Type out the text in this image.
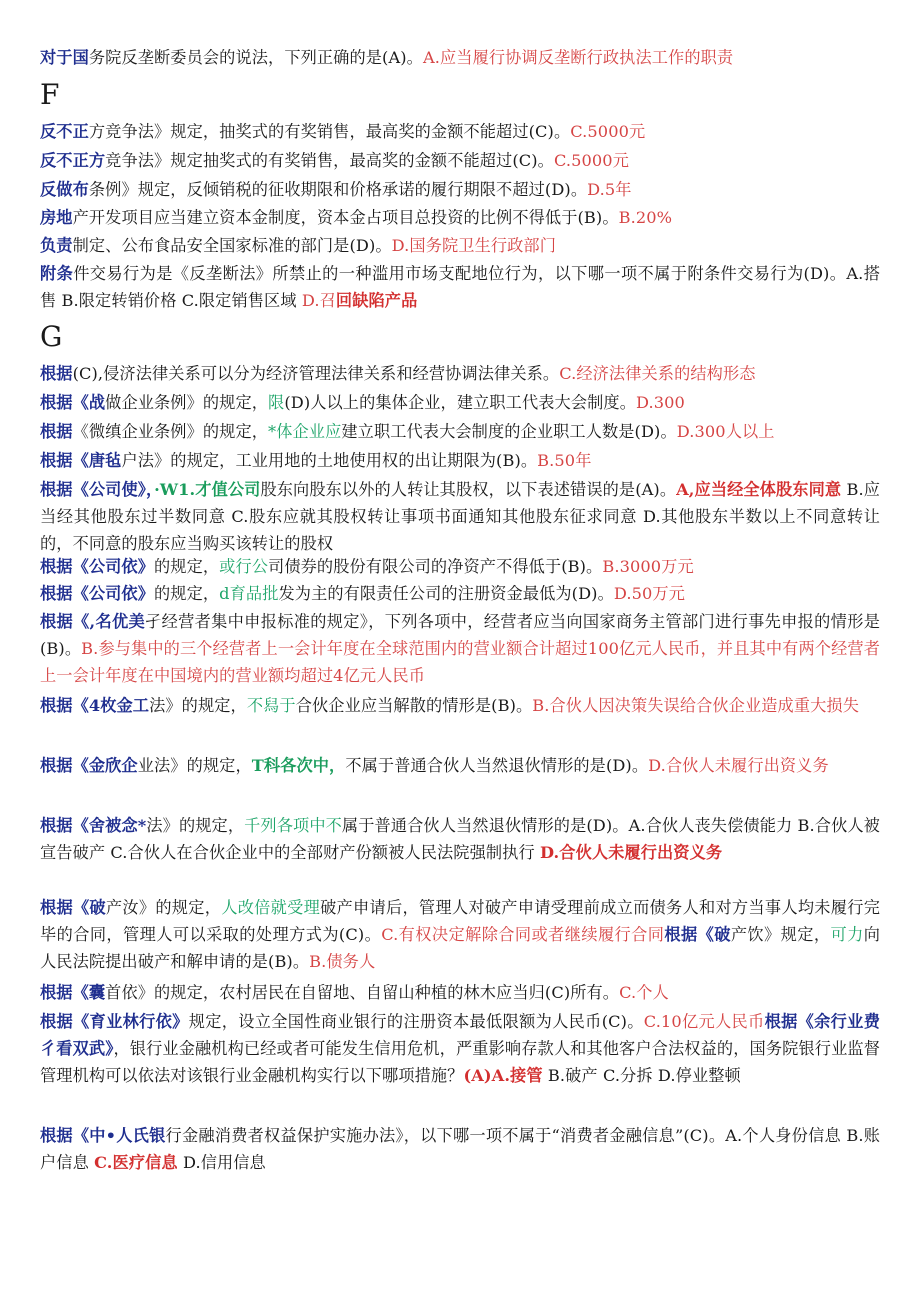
对于国务院反垄断委员会的说法，下列正确的是(A)。A.应当履行协调反垄断行政执法工作的职责

F

反不正方竞争法》规定，抽奖式的有奖销售，最高奖的金额不能超过(C)。C.5000元

反不正方竞争法》规定抽奖式的有奖销售，最高奖的金额不能超过(C)。C.5000元

反做布条例》规定，反倾销税的征收期限和价格承诺的履行期限不超过(D)。D.5年

房地产开发项目应当建立资本金制度，资本金占项目总投资的比例不得低于(B)。B.20%

负责制定、公布食品安全国家标准的部门是(D)。D.国务院卫生行政部门

附条件交易行为是《反垄断法》所禁止的一种滥用市场支配地位行为，以下哪一项不属于附条件交易行为(D)。A.搭售 B.限定转销价格 C.限定销售区域 D.召回缺陷产品

G

根据(C),侵济法律关系可以分为经济管理法律关系和经营协调法律关系。C.经济法律关系的结构形态

根据《战做企业条例》的规定，限(D)人以上的集体企业，建立职工代表大会制度。D.300

根据《微缜企业条例》的规定，*体企业应建立职工代表大会制度的企业职工人数是(D)。D.300人以上

根据《唐毡户法》的规定，工业用地的土地使用权的出让期限为(B)。B.50年

根据《公司使》，·W1.才值公司股东向股东以外的人转让其股权，以下表述错误的是(A)。A,应当经全体股东同意 B.应当经其他股东过半数同意 C.股东应就其股权转让事项书面通知其他股东征求同意 D.其他股东半数以上不同意转让的，不同意的股东应当购买该转让的股权

根据《公司依》的规定，或行公司债券的股份有限公司的净资产不得低于(B)。B.3000万元

根据《公司依》的规定，d育品批发为主的有限责任公司的注册资金最低为(D)。D.50万元

根据《,名优美孑经营者集中申报标准的规定》，下列各项中，经营者应当向国家商务主管部门进行事先申报的情形是(B)。B.参与集中的三个经营者上一会计年度在全球范围内的营业额合计超过100亿元人民币，并且其中有两个经营者上一会计年度在中国境内的营业额均超过4亿元人民币

根据《4枚金工法》的规定，不舄于合伙企业应当解散的情形是(B)。B.合伙人因决策失误给合伙企业造成重大损失

根据《金欣企业法》的规定，T科各次中，不属于普通合伙人当然退伙情形的是(D)。D.合伙人未履行出资义务

根据《舍被念*法》的规定，千列各项中不属于普通合伙人当然退伙情形的是(D)。A.合伙人丧失偿债能力 B.合伙人被宣告破产 C.合伙人在合伙企业中的全部财产份额被人民法院强制执行 D.合伙人未履行出资义务

根据《破产汝》的规定，人改倍就受理破产申请后，管理人对破产申请受理前成立而债务人和对方当事人均未履行完毕的合同，管理人可以采取的处理方式为(C)。C.有权决定解除合同或者继续履行合同根据《破产饮》规定，可力向人民法院提出破产和解申请的是(B)。B.债务人

根据《囊首依》的规定，农村居民在自留地、自留山种植的林木应当归(C)所有。C.个人

根据《育业林行依》规定，设立全国性商业银行的注册资本最低限额为人民币(C)。C.10亿元人民币根据《余行业费彳看双武》，银行业金融机构已经或者可能发生信用危机，严重影响存款人和其他客户合法权益的，国务院银行业监督管理机构可以依法对该银行业金融机构实行以下哪项措施？(A)A.接管 B.破产 C.分拆 D.停业整顿

根据《中•人氏银行金融消费者权益保护实施办法》，以下哪一项不属于“消费者金融信息”(C)。A.个人身份信息 B.账户信息 C.医疗信息 D.信用信息
